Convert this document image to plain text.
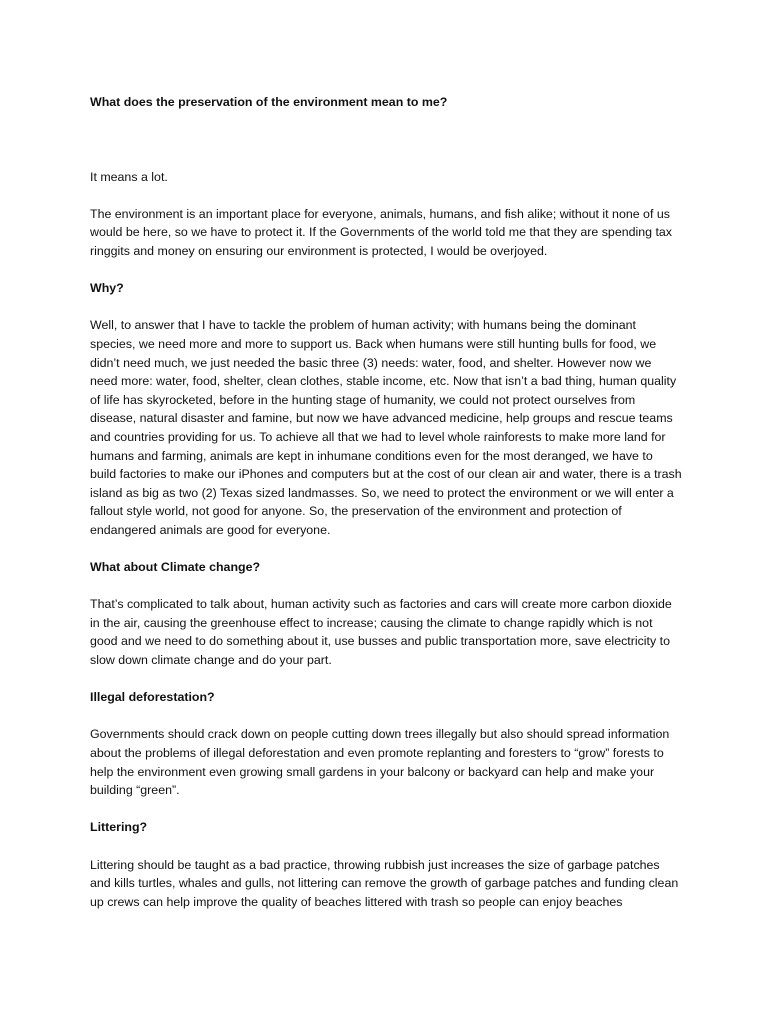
What does the preservation of the environment mean to me?

It means a lot.

The environment is an important place for everyone, animals, humans, and fish alike; without it none of us would be here, so we have to protect it. If the Governments of the world told me that they are spending tax ringgits and money on ensuring our environment is protected, I would be overjoyed.

Why?

Well, to answer that I have to tackle the problem of human activity; with humans being the dominant species, we need more and more to support us. Back when humans were still hunting bulls for food, we didn’t need much, we just needed the basic three (3) needs: water, food, and shelter. However now we need more: water, food, shelter, clean clothes, stable income, etc. Now that isn’t a bad thing, human quality of life has skyrocketed, before in the hunting stage of humanity, we could not protect ourselves from disease, natural disaster and famine, but now we have advanced medicine, help groups and rescue teams and countries providing for us. To achieve all that we had to level whole rainforests to make more land for humans and farming, animals are kept in inhumane conditions even for the most deranged, we have to build factories to make our iPhones and computers but at the cost of our clean air and water, there is a trash island as big as two (2) Texas sized landmasses. So, we need to protect the environment or we will enter a fallout style world, not good for anyone. So, the preservation of the environment and protection of endangered animals are good for everyone.

What about Climate change?

That’s complicated to talk about, human activity such as factories and cars will create more carbon dioxide in the air, causing the greenhouse effect to increase; causing the climate to change rapidly which is not good and we need to do something about it, use busses and public transportation more, save electricity to slow down climate change and do your part.

Illegal deforestation?

Governments should crack down on people cutting down trees illegally but also should spread information about the problems of illegal deforestation and even promote replanting and foresters to “grow” forests to help the environment even growing small gardens in your balcony or backyard can help and make your building “green”.

Littering?

Littering should be taught as a bad practice, throwing rubbish just increases the size of garbage patches and kills turtles, whales and gulls, not littering can remove the growth of garbage patches and funding clean up crews can help improve the quality of beaches littered with trash so people can enjoy beaches
